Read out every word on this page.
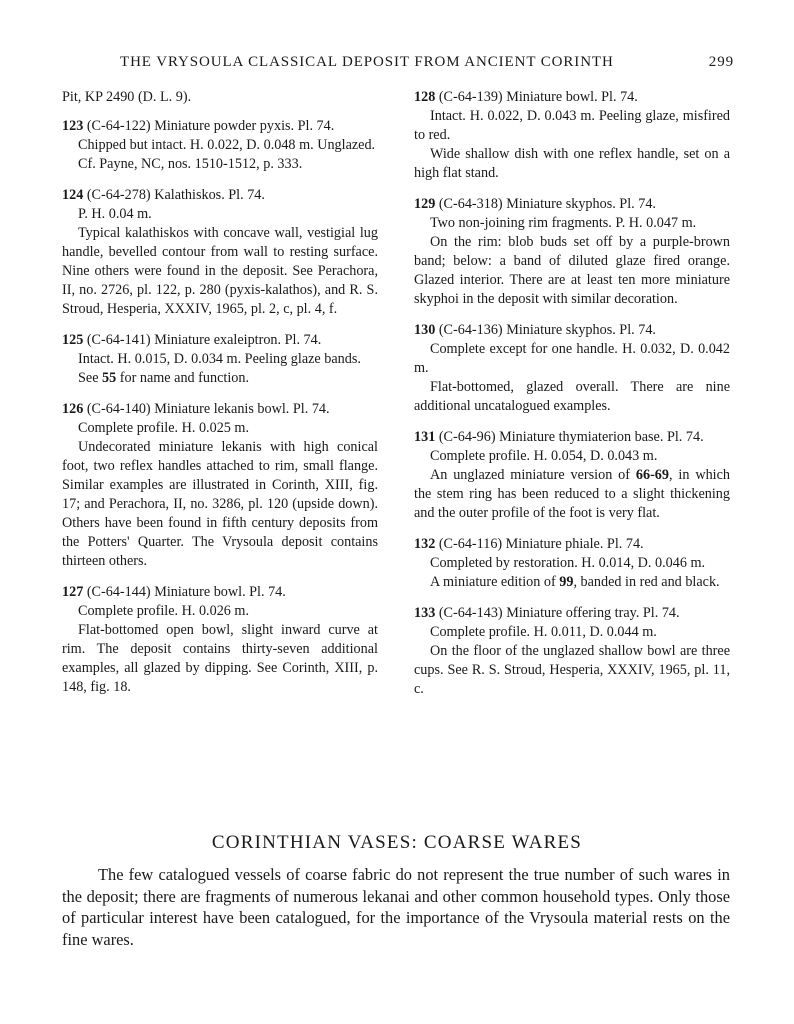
THE VRYSOULA CLASSICAL DEPOSIT FROM ANCIENT CORINTH	299

Pit, KP 2490 (D. L. 9).

123 (C-64-122) Miniature powder pyxis. Pl. 74.

Chipped but intact. H. 0.022, D. 0.048 m. Unglazed.

Cf. Payne, NC, nos. 1510-1512, p. 333.

124 (C-64-278) Kalathiskos. Pl. 74.

P. H. 0.04 m.

Typical kalathiskos with concave wall, vestigial lug handle, bevelled contour from wall to resting surface. Nine others were found in the deposit. See Perachora, II, no. 2726, pl. 122, p. 280 (pyxis-kalathos), and R. S. Stroud, Hesperia, XXXIV, 1965, pl. 2, c, pl. 4, f.

125 (C-64-141) Miniature exaleiptron. Pl. 74.

Intact. H. 0.015, D. 0.034 m. Peeling glaze bands.

See 55 for name and function.

126 (C-64-140) Miniature lekanis bowl. Pl. 74.

Complete profile. H. 0.025 m.

Undecorated miniature lekanis with high conical foot, two reflex handles attached to rim, small flange. Similar examples are illustrated in Corinth, XIII, fig. 17; and Perachora, II, no. 3286, pl. 120 (upside down). Others have been found in fifth century deposits from the Potters' Quarter. The Vrysoula deposit contains thirteen others.

127 (C-64-144) Miniature bowl. Pl. 74.

Complete profile. H. 0.026 m.

Flat-bottomed open bowl, slight inward curve at rim. The deposit contains thirty-seven additional examples, all glazed by dipping. See Corinth, XIII, p. 148, fig. 18.

128 (C-64-139) Miniature bowl. Pl. 74.

Intact. H. 0.022, D. 0.043 m. Peeling glaze, misfired to red.

Wide shallow dish with one reflex handle, set on a high flat stand.

129 (C-64-318) Miniature skyphos. Pl. 74.

Two non-joining rim fragments. P. H. 0.047 m.

On the rim: blob buds set off by a purple-brown band; below: a band of diluted glaze fired orange. Glazed interior. There are at least ten more miniature skyphoi in the deposit with similar decoration.

130 (C-64-136) Miniature skyphos. Pl. 74.

Complete except for one handle. H. 0.032, D. 0.042 m.

Flat-bottomed, glazed overall. There are nine additional uncatalogued examples.

131 (C-64-96) Miniature thymiaterion base. Pl. 74.

Complete profile. H. 0.054, D. 0.043 m.

An unglazed miniature version of 66-69, in which the stem ring has been reduced to a slight thickening and the outer profile of the foot is very flat.

132 (C-64-116) Miniature phiale. Pl. 74.

Completed by restoration. H. 0.014, D. 0.046 m.

A miniature edition of 99, banded in red and black.

133 (C-64-143) Miniature offering tray. Pl. 74.

Complete profile. H. 0.011, D. 0.044 m.

On the floor of the unglazed shallow bowl are three cups. See R. S. Stroud, Hesperia, XXXIV, 1965, pl. 11, c.

CORINTHIAN VASES: COARSE WARES

The few catalogued vessels of coarse fabric do not represent the true number of such wares in the deposit; there are fragments of numerous lekanai and other common household types. Only those of particular interest have been catalogued, for the importance of the Vrysoula material rests on the fine wares.
